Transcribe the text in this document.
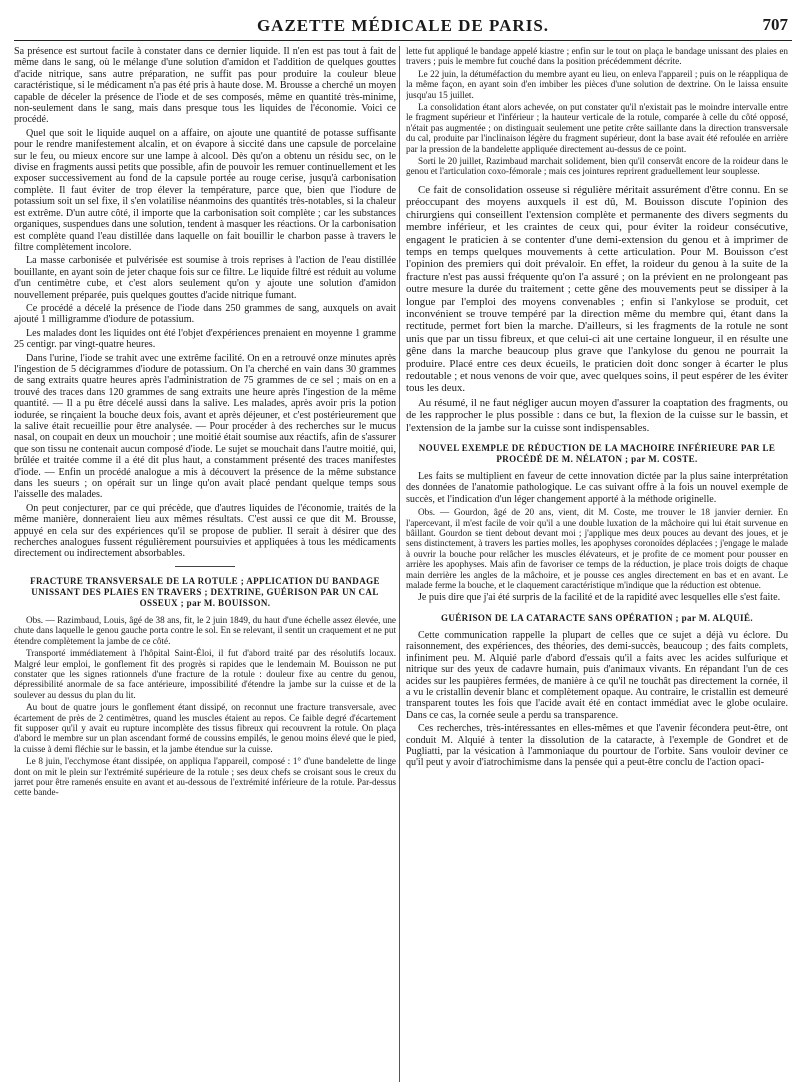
GAZETTE MÉDICALE DE PARIS.	707

Sa présence est surtout facile à constater dans ce dernier liquide. Il n'en est pas tout à fait de même dans le sang, où le mélange d'une solution d'amidon et l'addition de quelques gouttes d'acide nitrique, sans autre préparation, ne suffit pas pour produire la couleur bleue caractéristique, si le médicament n'a pas été pris à haute dose. M. Brousse a cherché un moyen capable de déceler la présence de l'iode et de ses composés, même en quantité très-minime, non-seulement dans le sang, mais dans presque tous les liquides de l'économie. Voici ce procédé.

Quel que soit le liquide auquel on a affaire, on ajoute une quantité de potasse suffisante pour le rendre manifestement alcalin, et on évapore à siccité dans une capsule de porcelaine sur le feu, ou mieux encore sur une lampe à alcool. Dès qu'on a obtenu un résidu sec, on le divise en fragments aussi petits que possible, afin de pouvoir les remuer continuellement et les exposer successivement au fond de la capsule portée au rouge cerise, jusqu'à carbonisation complète. Il faut éviter de trop élever la température, parce que, bien que l'iodure de potassium soit un sel fixe, il s'en volatilise néanmoins des quantités très-notables, si la chaleur est extrême. D'un autre côté, il importe que la carbonisation soit complète ; car les substances organiques, suspendues dans une solution, tendent à masquer les réactions. Or la carbonisation est complète quand l'eau distillée dans laquelle on fait bouillir le charbon passe à travers le filtre complètement incolore.

La masse carbonisée et pulvérisée est soumise à trois reprises à l'action de l'eau distillée bouillante, en ayant soin de jeter chaque fois sur ce filtre. Le liquide filtré est réduit au volume d'un centimètre cube, et c'est alors seulement qu'on y ajoute une solution d'amidon nouvellement préparée, puis quelques gouttes d'acide nitrique fumant.

Ce procédé a décelé la présence de l'iode dans 250 grammes de sang, auxquels on avait ajouté 1 milligramme d'iodure de potassium.

Les malades dont les liquides ont été l'objet d'expériences prenaient en moyenne 1 gramme 25 centigr. par vingt-quatre heures.

Dans l'urine, l'iode se trahit avec une extrême facilité. On en a retrouvé onze minutes après l'ingestion de 5 décigrammes d'iodure de potassium. On l'a cherché en vain dans 30 grammes de sang extraits quatre heures après l'administration de 75 grammes de ce sel ; mais on en a trouvé des traces dans 120 grammes de sang extraits une heure après l'ingestion de la même quantité. — Il a pu être décelé aussi dans la salive. Les malades, après avoir pris la potion iodurée, se rinçaient la bouche deux fois, avant et après déjeuner, et c'est postérieurement que la salive était recueillie pour être analysée. — Pour procéder à des recherches sur le mucus nasal, on coupait en deux un mouchoir ; une moitié était soumise aux réactifs, afin de s'assurer que son tissu ne contenait aucun composé d'iode. Le sujet se mouchait dans l'autre moitié, qui, brûlée et traitée comme il a été dit plus haut, a constamment présenté des traces manifestes d'iode. — Enfin un procédé analogue a mis à découvert la présence de la même substance dans les sueurs ; on opérait sur un linge qu'on avait placé pendant quelque temps sous l'aisselle des malades.

On peut conjecturer, par ce qui précède, que d'autres liquides de l'économie, traités de la même manière, donneraient lieu aux mêmes résultats. C'est aussi ce que dit M. Brousse, appuyé en cela sur des expériences qu'il se propose de publier. Il serait à désirer que des recherches analogues fussent régulièrement poursuivies et appliquées à tous les médicaments directement ou indirectement absorbables.

FRACTURE TRANSVERSALE DE LA ROTULE ; APPLICATION DU BANDAGE UNISSANT DES PLAIES EN TRAVERS ; DEXTRINE, GUÉRISON PAR UN CAL OSSEUX ; par M. BOUISSON.

Obs. — Razimbaud, Louis, âgé de 38 ans, fit, le 2 juin 1849, du haut d'une échelle assez élevée, une chute dans laquelle le genou gauche porta contre le sol. En se relevant, il sentit un craquement et ne put étendre complètement la jambe de ce côté.

Transporté immédiatement à l'hôpital Saint-Éloi, il fut d'abord traité par des résolutifs locaux. Malgré leur emploi, le gonflement fit des progrès si rapides que le lendemain M. Bouisson ne put constater que les signes rationnels d'une fracture de la rotule : douleur fixe au centre du genou, dépressibilité anormale de sa face antérieure, impossibilité d'étendre la jambe sur la cuisse et de la soulever au dessus du plan du lit.

Au bout de quatre jours le gonflement étant dissipé, on reconnut une fracture transversale, avec écartement de près de 2 centimètres, quand les muscles étaient au repos. Ce faible degré d'écartement fit supposer qu'il y avait eu rupture incomplète des tissus fibreux qui recouvrent la rotule. On plaça d'abord le membre sur un plan ascendant formé de coussins empilés, le genou moins élevé que le pied, la cuisse à demi fléchie sur le bassin, et la jambe étendue sur la cuisse.

Le 8 juin, l'ecchymose étant dissipée, on appliqua l'appareil, composé : 1° d'une bandelette de linge dont on mit le plein sur l'extrémité supérieure de la rotule ; ses deux chefs se croisant sous le creux du jarret pour être ramenés ensuite en avant et au-dessous de l'extrémité inférieure de la rotule. Par-dessus cette bande-

lette fut appliqué le bandage appelé kiastre ; enfin sur le tout on plaça le bandage unissant des plaies en travers ; puis le membre fut couché dans la position précédemment décrite.

Le 22 juin, la détuméfaction du membre ayant eu lieu, on enleva l'appareil ; puis on le réappliqua de la même façon, en ayant soin d'en imbiber les pièces d'une solution de dextrine. On le laissa ensuite jusqu'au 15 juillet.

La consolidation étant alors achevée, on put constater qu'il n'existait pas le moindre intervalle entre le fragment supérieur et l'inférieur ; la hauteur verticale de la rotule, comparée à celle du côté opposé, n'était pas augmentée ; on distinguait seulement une petite crête saillante dans la direction transversale du cal, produite par l'inclinaison légère du fragment supérieur, dont la base avait été refoulée en arrière par la pression de la bandelette appliquée directement au-dessus de ce point.

Sorti le 20 juillet, Razimbaud marchait solidement, bien qu'il conservât encore de la roideur dans le genou et l'articulation coxo-fémorale ; mais ces jointures reprirent graduellement leur souplesse.

Ce fait de consolidation osseuse si régulière méritait assurément d'être connu. En se préoccupant des moyens auxquels il est dû, M. Bouisson discute l'opinion des chirurgiens qui conseillent l'extension complète et permanente des divers segments du membre inférieur, et les craintes de ceux qui, pour éviter la roideur consécutive, engagent le praticien à se contenter d'une demi-extension du genou et à imprimer de temps en temps quelques mouvements à cette articulation. Pour M. Bouisson c'est l'opinion des premiers qui doit prévaloir. En effet, la roideur du genou à la suite de la fracture n'est pas aussi fréquente qu'on l'a assuré ; on la prévient en ne prolongeant pas outre mesure la durée du traitement ; cette gêne des mouvements peut se dissiper à la longue par l'emploi des moyens convenables ; enfin si l'ankylose se produit, cet inconvénient se trouve tempéré par la direction même du membre qui, étant dans la rectitude, permet fort bien la marche. D'ailleurs, si les fragments de la rotule ne sont unis que par un tissu fibreux, et que celui-ci ait une certaine longueur, il en résulte une gêne dans la marche beaucoup plus grave que l'ankylose du genou ne pourrait la produire. Placé entre ces deux écueils, le praticien doit donc songer à écarter le plus redoutable ; et nous venons de voir que, avec quelques soins, il peut espérer de les éviter tous les deux.

Au résumé, il ne faut négliger aucun moyen d'assurer la coaptation des fragments, ou de les rapprocher le plus possible : dans ce but, la flexion de la cuisse sur le bassin, et l'extension de la jambe sur la cuisse sont indispensables.

NOUVEL EXEMPLE DE RÉDUCTION DE LA MACHOIRE INFÉRIEURE PAR LE PROCÉDÉ DE M. NÉLATON ; par M. COSTE.

Les faits se multiplient en faveur de cette innovation dictée par la plus saine interprétation des données de l'anatomie pathologique. Le cas suivant offre à la fois un nouvel exemple de succès, et l'indication d'un léger changement apporté à la méthode originelle.

Obs. — Gourdon, âgé de 20 ans, vient, dit M. Coste, me trouver le 18 janvier dernier. En l'apercevant, il m'est facile de voir qu'il a une double luxation de la mâchoire qui lui était survenue en bâillant. Gourdon se tient debout devant moi ; j'applique mes deux pouces au devant des joues, et je sens distinctement, à travers les parties molles, les apophyses coronoïdes déplacées ; j'engage le malade à ouvrir la bouche pour relâcher les muscles élévateurs, et je profite de ce moment pour pousser en arrière les apophyses. Mais afin de favoriser ce temps de la réduction, je place trois doigts de chaque main derrière les angles de la mâchoire, et je pousse ces angles directement en bas et en avant. Le malade ferme la bouche, et le claquement caractéristique m'indique que la réduction est obtenue.

Je puis dire que j'ai été surpris de la facilité et de la rapidité avec lesquelles elle s'est faite.

GUÉRISON DE LA CATARACTE SANS OPÉRATION ; par M. ALQUIÉ.

Cette communication rappelle la plupart de celles que ce sujet a déjà vu éclore. Du raisonnement, des expériences, des théories, des demi-succès, beaucoup ; des faits complets, infiniment peu. M. Alquié parle d'abord d'essais qu'il a faits avec les acides sulfurique et nitrique sur des yeux de cadavre humain, puis d'animaux vivants. En répandant l'un de ces acides sur les paupières fermées, de manière à ce qu'il ne touchât pas directement la cornée, il a vu le cristallin devenir blanc et complètement opaque. Au contraire, le cristallin est demeuré transparent toutes les fois que l'acide avait été en contact immédiat avec le globe oculaire. Dans ce cas, la cornée seule a perdu sa transparence.

Ces recherches, très-intéressantes en elles-mêmes et que l'avenir fécondera peut-être, ont conduit M. Alquié à tenter la dissolution de la cataracte, à l'exemple de Gondret et de Pugliatti, par la vésication à l'ammoniaque du pourtour de l'orbite. Sans vouloir deviner ce qu'il peut y avoir d'iatrochimisme dans la pensée qui a peut-être conclu de l'action opaci-
